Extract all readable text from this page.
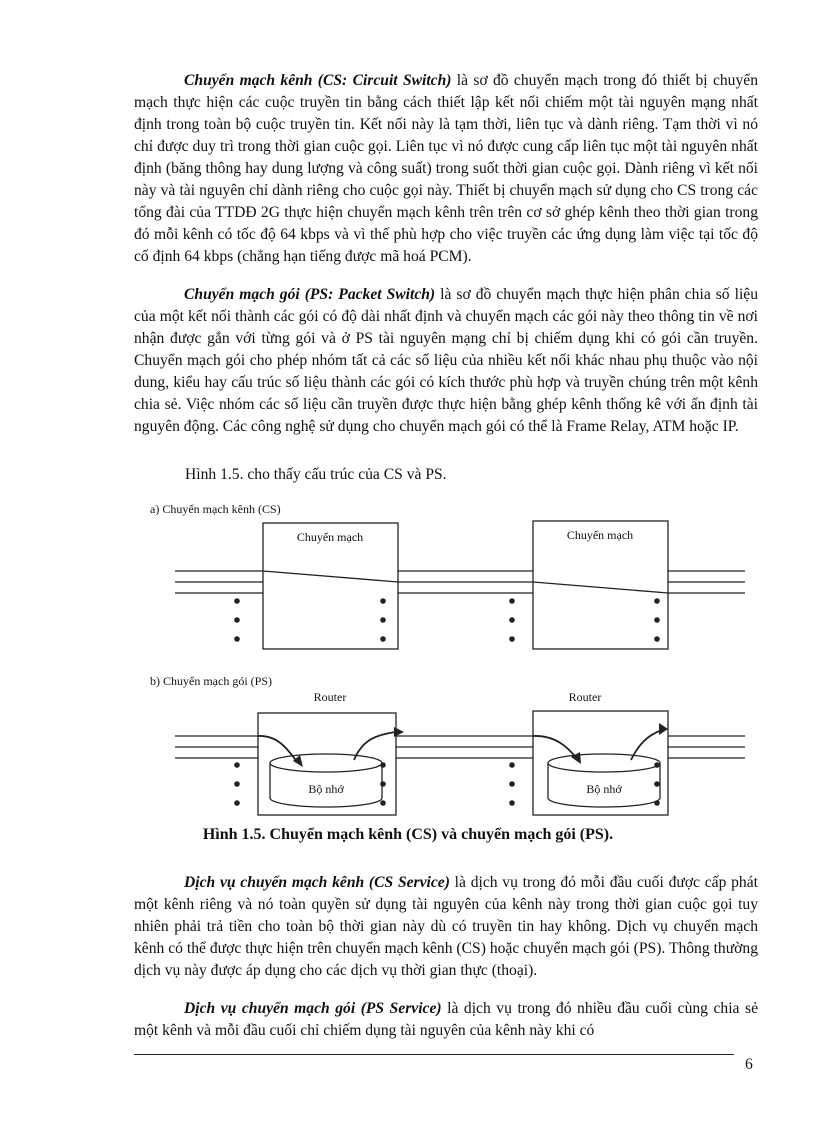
Chuyển mạch kênh (CS: Circuit Switch) là sơ đồ chuyển mạch trong đó thiết bị chuyển mạch thực hiện các cuộc truyền tin bằng cách thiết lập kết nối chiếm một tài nguyên mạng nhất định trong toàn bộ cuộc truyền tin. Kết nối này là tạm thời, liên tục và dành riêng. Tạm thời vì nó chỉ được duy trì trong thời gian cuộc gọi. Liên tục vì nó được cung cấp liên tục một tài nguyên nhất định (băng thông hay dung lượng và công suất) trong suốt thời gian cuộc gọi. Dành riêng vì kết nối này và tài nguyên chỉ dành riêng cho cuộc gọi này. Thiết bị chuyển mạch sử dụng cho CS trong các tổng đài của TTDĐ 2G thực hiện chuyển mạch kênh trên trên cơ sở ghép kênh theo thời gian trong đó mỗi kênh có tốc độ 64 kbps và vì thế phù hợp cho việc truyền các ứng dụng làm việc tại tốc độ cố định 64 kbps (chẳng hạn tiếng được mã hoá PCM).

Chuyển mạch gói (PS: Packet Switch) là sơ đồ chuyển mạch thực hiện phân chia số liệu của một kết nối thành các gói có độ dài nhất định và chuyển mạch các gói này theo thông tin về nơi nhận được gắn với từng gói và ở PS tài nguyên mạng chỉ bị chiếm dụng khi có gói cần truyền. Chuyển mạch gói cho phép nhóm tất cả các số liệu của nhiều kết nối khác nhau phụ thuộc vào nội dung, kiểu hay cấu trúc số liệu thành các gói có kích thước phù hợp và truyền chúng trên một kênh chia sẻ. Việc nhóm các số liệu cần truyền được thực hiện bằng ghép kênh thống kê với ấn định tài nguyên động. Các công nghệ sử dụng cho chuyển mạch gói có thể là Frame Relay, ATM hoặc IP.

Hình 1.5. cho thấy cấu trúc của CS và PS.

a) Chuyển mạch kênh (CS)
Chuyển mạch	Chuyển mạch
b) Chuyển mạch gói (PS)
Router	Router
Bộ nhớ	Bộ nhớ

Hình 1.5. Chuyển mạch kênh (CS) và chuyển mạch gói (PS).

Dịch vụ chuyển mạch kênh (CS Service) là dịch vụ trong đó mỗi đầu cuối được cấp phát một kênh riêng và nó toàn quyền sử dụng tài nguyên của kênh này trong thời gian cuộc gọi tuy nhiên phải trả tiền cho toàn bộ thời gian này dù có truyền tin hay không. Dịch vụ chuyển mạch kênh có thể được thực hiện trên chuyển mạch kênh (CS) hoặc chuyển mạch gói (PS). Thông thường dịch vụ này được áp dụng cho các dịch vụ thời gian thực (thoại).

Dịch vụ chuyển mạch gói (PS Service) là dịch vụ trong đó nhiều đầu cuối cùng chia sẻ một kênh và mỗi đầu cuối chỉ chiếm dụng tài nguyên của kênh này khi có

6
